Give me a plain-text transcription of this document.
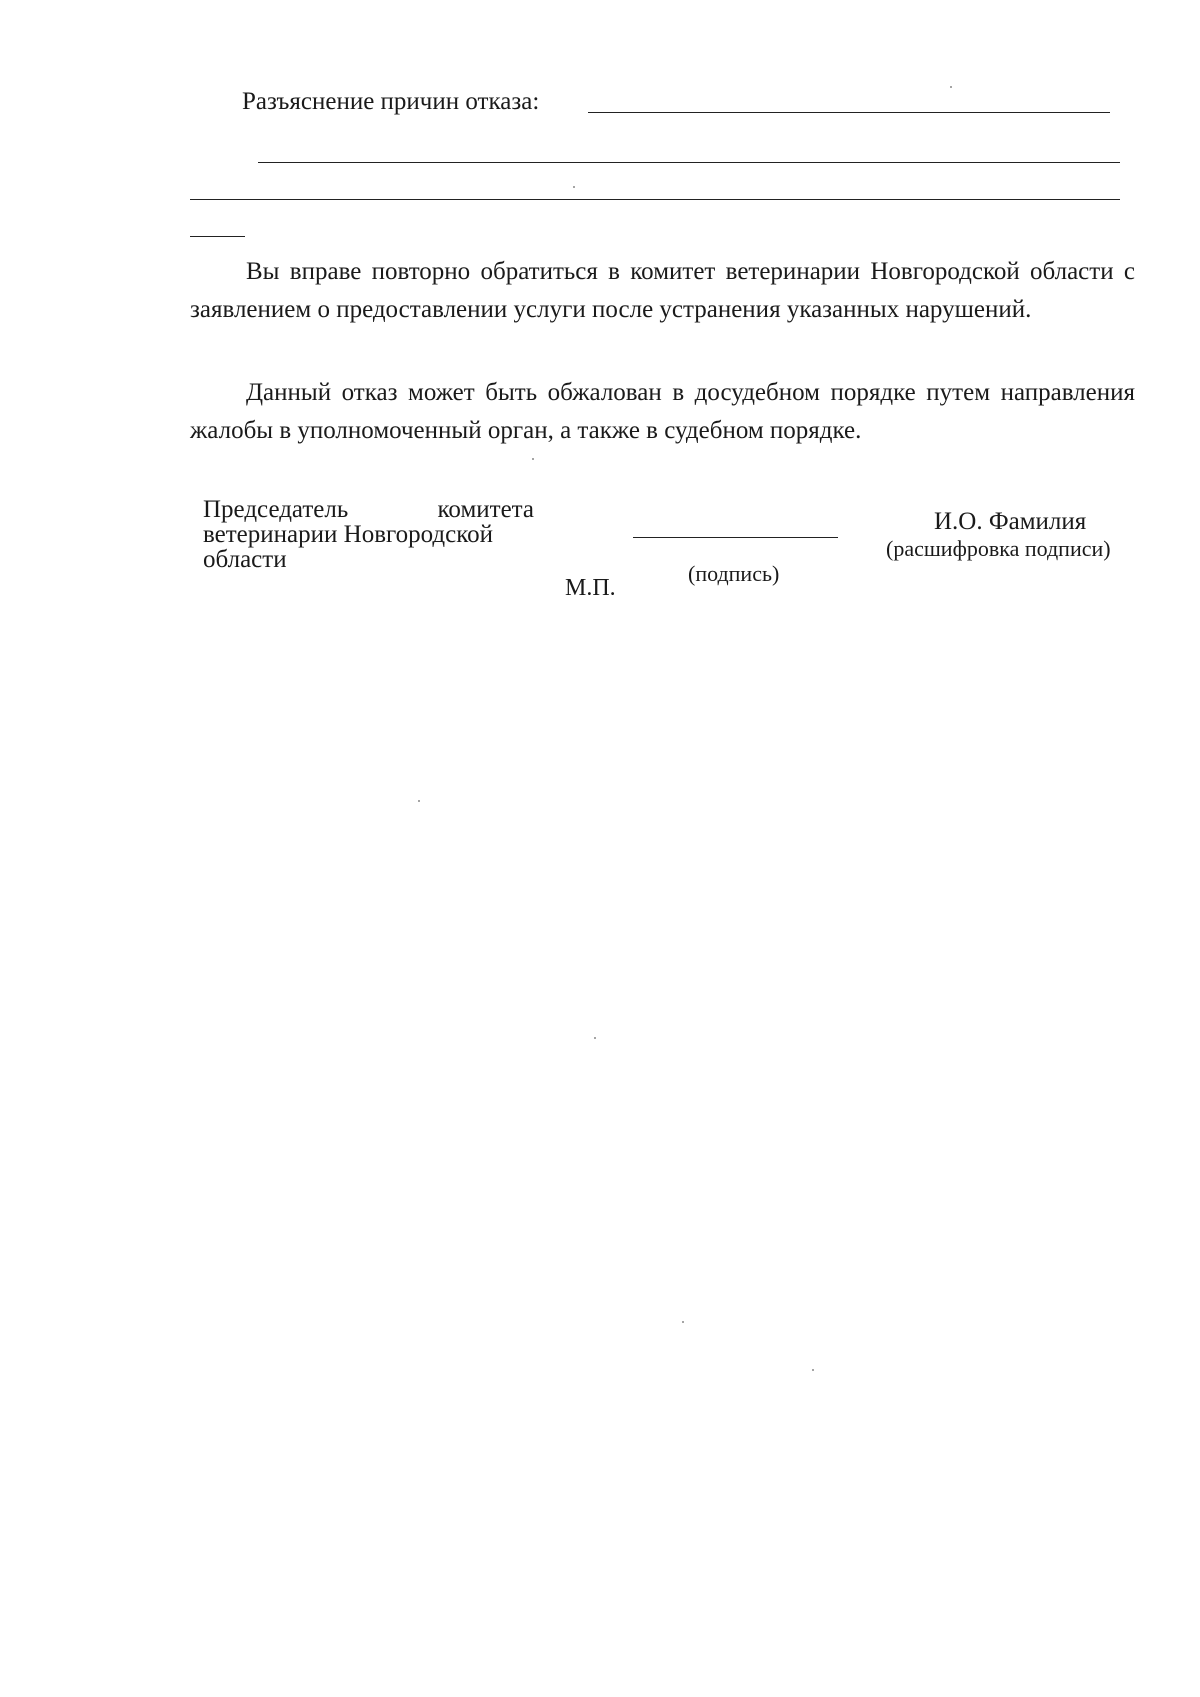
Разъяснение причин отказа:
Вы вправе повторно обратиться в комитет ветеринарии Новгородской области с заявлением о предоставлении услуги после устранения указанных нарушений.
Данный отказ может быть обжалован в досудебном порядке путем направления жалобы в уполномоченный орган, а также в судебном порядке.
Председатель	комитета
ветеринарии Новгородской
области
(подпись)
М.П.
И.О. Фамилия
(расшифровка подписи)
